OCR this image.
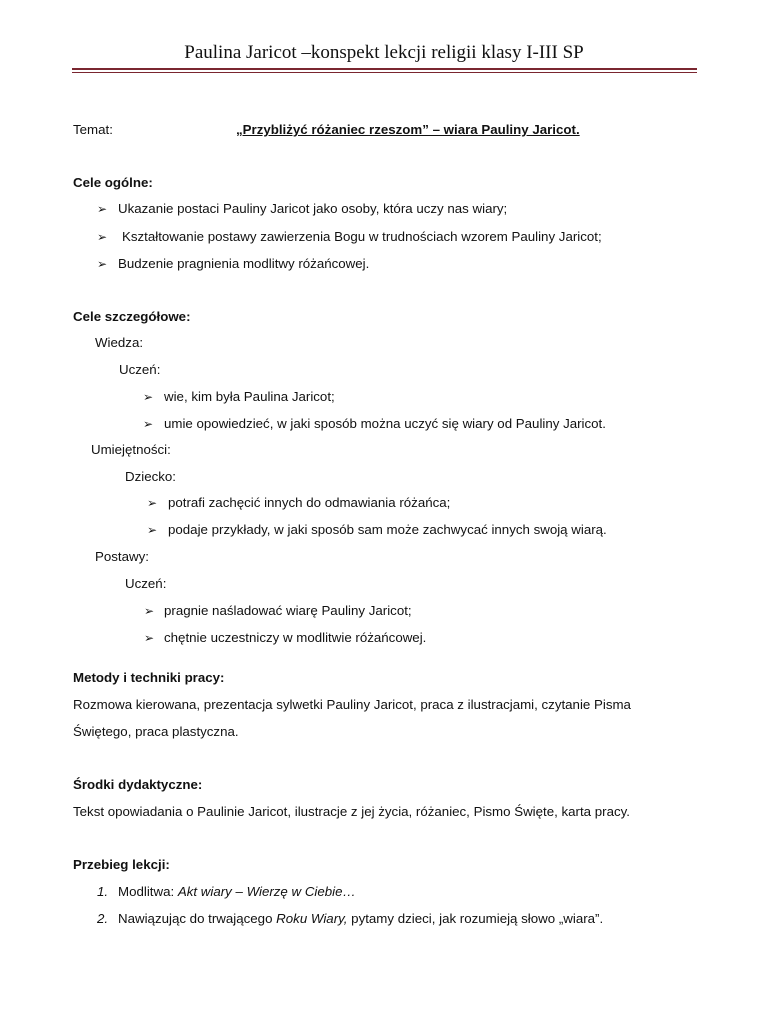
Paulina Jaricot –konspekt lekcji religii klasy I-III SP
Temat:	„Przybliżyć różaniec rzeszom” – wiara Pauliny Jaricot.
Cele ogólne:
➢ Ukazanie postaci Pauliny Jaricot jako osoby, która uczy nas wiary;
➢ Kształtowanie postawy zawierzenia Bogu w trudnościach wzorem Pauliny Jaricot;
➢ Budzenie pragnienia modlitwy różańcowej.
Cele szczegółowe:
Wiedza:
Uczeń:
➢ wie, kim była Paulina Jaricot;
➢ umie opowiedzieć, w jaki sposób można uczyć się wiary od Pauliny Jaricot.
Umiejętności:
Dziecko:
➢ potrafi zachęcić innych do odmawiania różańca;
➢ podaje przykłady, w jaki sposób sam może zachwycać innych swoją wiarą.
Postawy:
Uczeń:
➢ pragnie naśladować wiarę Pauliny Jaricot;
➢ chętnie uczestniczy w modlitwie różańcowej.
Metody i techniki pracy:
Rozmowa kierowana, prezentacja sylwetki Pauliny Jaricot, praca z ilustracjami, czytanie Pisma
Świętego, praca plastyczna.
Środki dydaktyczne:
Tekst opowiadania o Paulinie Jaricot, ilustracje z jej życia, różaniec, Pismo Święte, karta pracy.
Przebieg lekcji:
1. Modlitwa: Akt wiary – Wierzę w Ciebie…
2. Nawiązując do trwającego Roku Wiary, pytamy dzieci, jak rozumieją słowo „wiara”.
